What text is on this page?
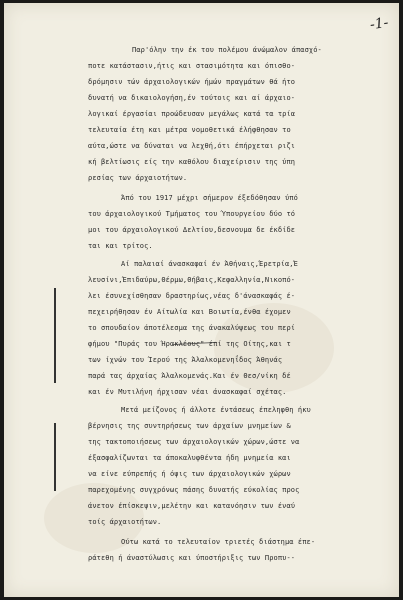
-1-
Παρ'όλην την έκ του πολέμου άνώμαλον άπασχό-
ποτε κατάστασιν,ήτις και στασιμότητα και όπισθο-
δρόμησιν τών άρχαιολογικών ήμών πραγμάτων θά ήτο
δυνατή να δικαιολογήση,έν τούτοις και αί άρχαιο-
λογικαί έργασίαι προώδευσαν μεγάλως κατά τα τρία
τελευταία έτη και μέτρα νομοθετικά έλήφθησαν το
αύτα,ώστε να δύναται να λεχθή,ότι έπήρχεται ριζι
κή βελτίωσις είς την καθόλου διαχείρισιν της ύπη
ρεσίας των άρχαιοτήτων.
Άπό του 1917 μέχρι σήμερον έξεδόθησαν ύπό
του άρχαιολογικού Τμήματος του Ύπουργείου δύο τό
μοι του άρχαιολογικού Δελτίου,δεσνουμα δε έκδίδε
ται και τρίτος.
Αί παλαιαί άνασκαφαί έν Άθήναις,Έρετρία,Έ
λευσίνι,Έπιδαύρω,Θέρμω,Θήβαις,Κεφαλληνία,Νικοπό-
λει έσυνεχίσθησαν δραστηρίως,νέας δ'άνασκαφάς έ-
πεχειρήθησαν έν Αίτωλία και Βοιωτία,ένθα έχομεν
το σπουδαίον άποτέλεσμα της άνακαλύψεως του περί
φήμου "Πυράς του Ήρακλέους" έπί της Οίτης,και τ
των ίχνών του Ίερού της Άλαλκομενηΐδος Άθηνάς
παρά τας άρχαίας Άλαλκομενάς.Και έν Θεσ/νίκη δέ
και έν Μυτιλήνη ήρχισαν νέαι άνασκαφαί σχέτας.
Μετά μείζονος ή άλλοτε έντάσεως έπεληφθη ήκυ
βέρνησις της συντηρήσεως των άρχαίων μνημείων &
της τακτοποιήσεως των άρχαιολογικών χώρων,ώστε να
έξασφαλίζωνται τα άποκαλυφθέντα ήδη μνημεία και
να είνε εύπρεπής ή όψις των άρχαιολογικών χώρων
παρεχομένης συγχρόνως πάσης δυνατής εύκολίας προς
άνετον έπίσκεψιν,μελέτην και κατανόησιν των έναύ
τοίς άρχαιοτήτων.
Ούτω κατά το τελευταίον τριετές διάστημα έπε-
ράτεθη ή άναστύλωσις και ύποστήριξις των Προπυ--
